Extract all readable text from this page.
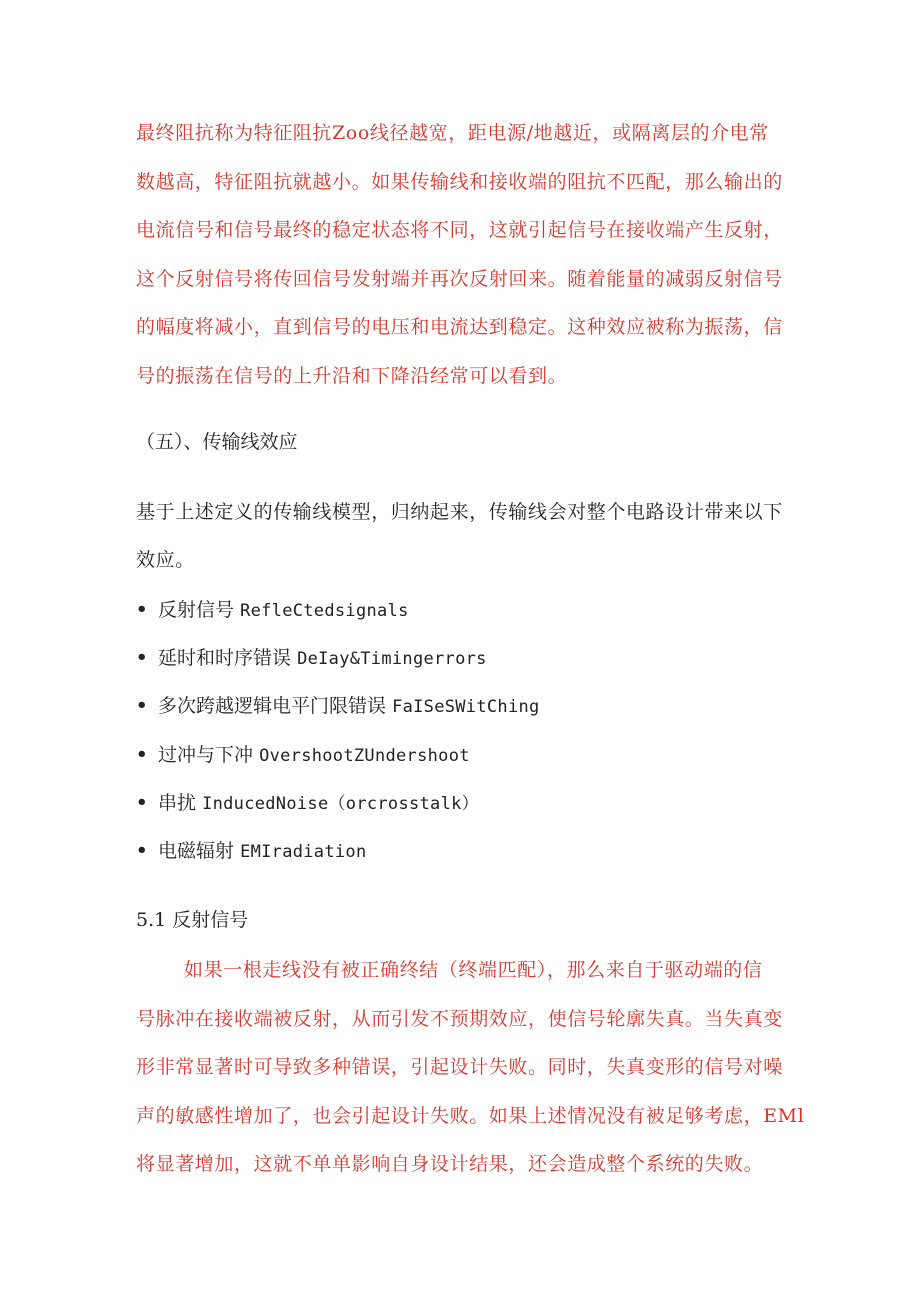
最终阻抗称为特征阻抗Zoo线径越宽，距电源/地越近，或隔离层的介电常
数越高，特征阻抗就越小。如果传输线和接收端的阻抗不匹配，那么输出的
电流信号和信号最终的稳定状态将不同，这就引起信号在接收端产生反射，
这个反射信号将传回信号发射端并再次反射回来。随着能量的减弱反射信号
的幅度将减小，直到信号的电压和电流达到稳定。这种效应被称为振荡，信
号的振荡在信号的上升沿和下降沿经常可以看到。

（五）、传输线效应

基于上述定义的传输线模型，归纳起来，传输线会对整个电路设计带来以下
效应。

• 反射信号 RefleCtedsignals
• 延时和时序错误 DeIay&Timingerrors
• 多次跨越逻辑电平门限错误 FaISeSWitChing
• 过冲与下冲 OvershootZUndershoot
• 串扰 InducedNoise（orcrosstalk）
• 电磁辐射 EMIradiation
5.1 反射信号

如果一根走线没有被正确终结（终端匹配），那么来自于驱动端的信
号脉冲在接收端被反射，从而引发不预期效应，使信号轮廓失真。当失真变
形非常显著时可导致多种错误，引起设计失败。同时，失真变形的信号对噪
声的敏感性增加了，也会引起设计失败。如果上述情况没有被足够考虑，EMl
将显著增加，这就不单单影响自身设计结果，还会造成整个系统的失败。
